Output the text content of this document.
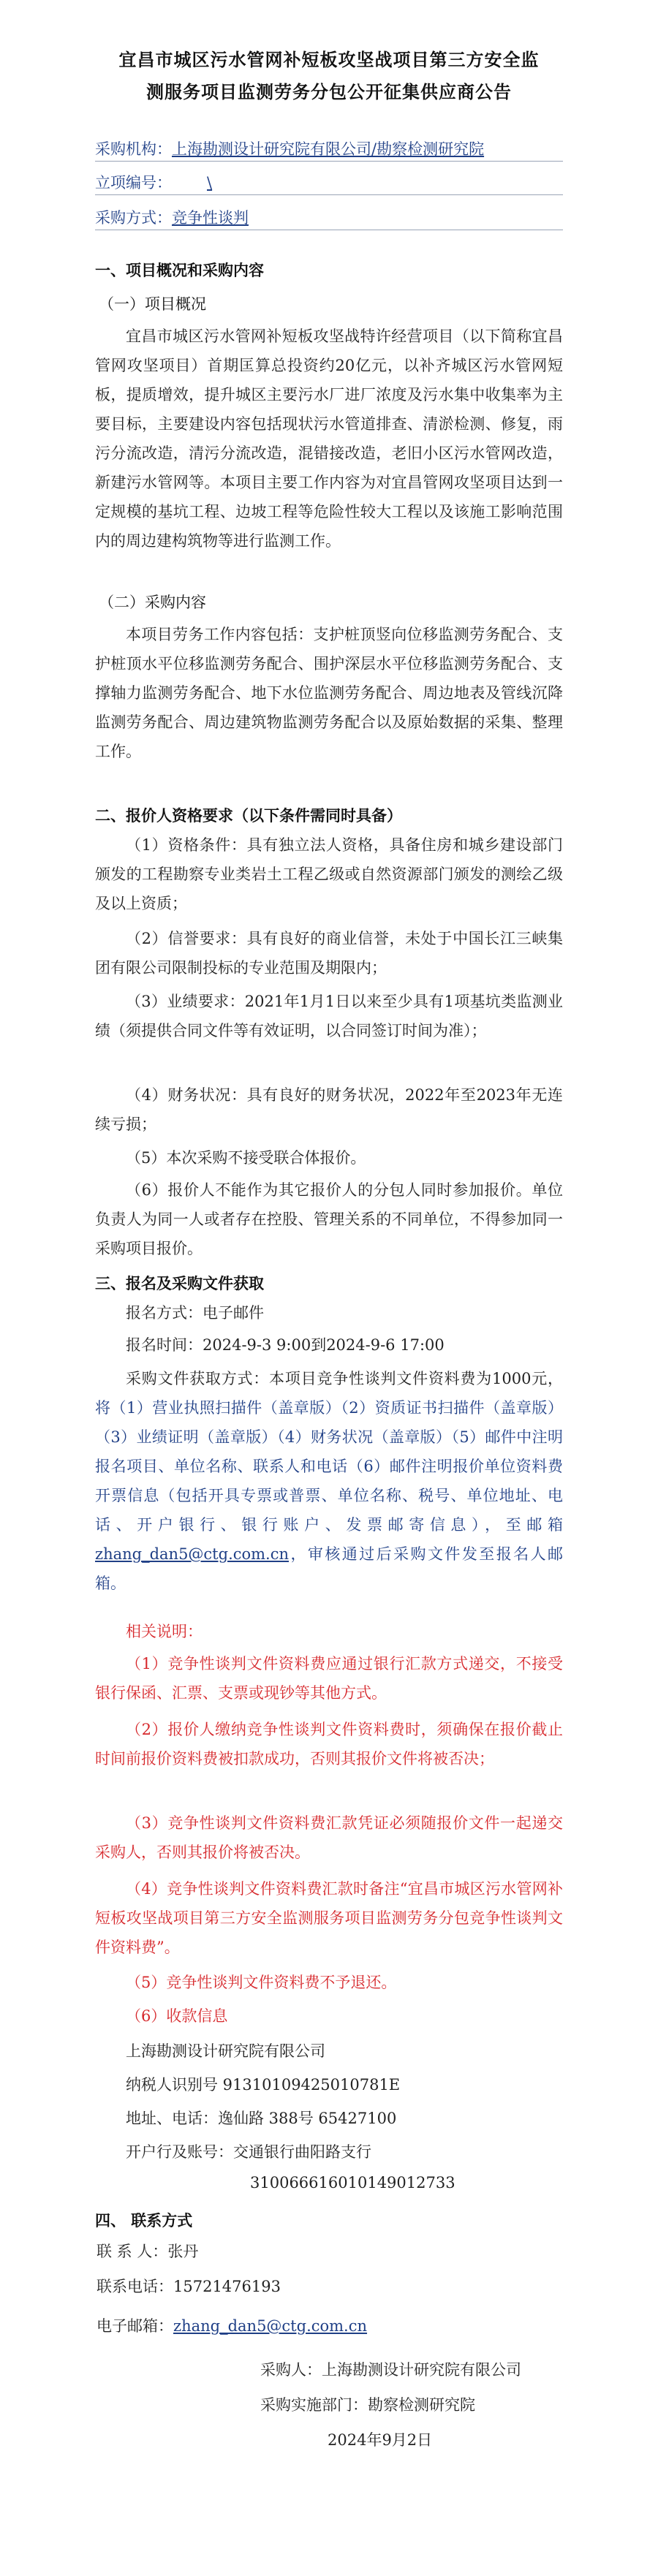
宜昌市城区污水管网补短板攻坚战项目第三方安全监
测服务项目监测劳务分包公开征集供应商公告
采购机构：上海勘测设计研究院有限公司/勘察检测研究院
立项编号： \
采购方式：竞争性谈判
一、项目概况和采购内容
（一）项目概况

宜昌市城区污水管网补短板攻坚战特许经营项目（以下简称宜昌管网攻坚项目）首期匡算总投资约20亿元，以补齐城区污水管网短板，提质增效，提升城区主要污水厂进厂浓度及污水集中收集率为主要目标，主要建设内容包括现状污水管道排查、清淤检测、修复，雨污分流改造，清污分流改造，混错接改造，老旧小区污水管网改造，新建污水管网等。本项目主要工作内容为对宜昌管网攻坚项目达到一定规模的基坑工程、边坡工程等危险性较大工程以及该施工影响范围内的周边建构筑物等进行监测工作。

（二）采购内容

本项目劳务工作内容包括：支护桩顶竖向位移监测劳务配合、支护桩顶水平位移监测劳务配合、围护深层水平位移监测劳务配合、支撑轴力监测劳务配合、地下水位监测劳务配合、周边地表及管线沉降监测劳务配合、周边建筑物监测劳务配合以及原始数据的采集、整理工作。

二、报价人资格要求（以下条件需同时具备）

（1）资格条件：具有独立法人资格，具备住房和城乡建设部门颁发的工程勘察专业类岩土工程乙级或自然资源部门颁发的测绘乙级及以上资质；

（2）信誉要求：具有良好的商业信誉，未处于中国长江三峡集团有限公司限制投标的专业范围及期限内；

（3）业绩要求：2021年1月1日以来至少具有1项基坑类监测业绩（须提供合同文件等有效证明，以合同签订时间为准）；

（4）财务状况：具有良好的财务状况，2022年至2023年无连续亏损；

（5）本次采购不接受联合体报价。

（6）报价人不能作为其它报价人的分包人同时参加报价。单位负责人为同一人或者存在控股、管理关系的不同单位，不得参加同一采购项目报价。

三、报名及采购文件获取

报名方式：电子邮件

报名时间：2024-9-3 9:00到2024-9-6 17:00

采购文件获取方式：本项目竞争性谈判文件资料费为1000元，将（1）营业执照扫描件（盖章版）（2）资质证书扫描件（盖章版）（3）业绩证明（盖章版）（4）财务状况（盖章版）（5）邮件中注明报名项目、单位名称、联系人和电话（6）邮件注明报价单位资料费开票信息（包括开具专票或普票、单位名称、税号、单位地址、电话、开户银行、银行账户、发票邮寄信息），至邮箱zhang_dan5@ctg.com.cn，审核通过后采购文件发至报名人邮箱。

相关说明：

（1）竞争性谈判文件资料费应通过银行汇款方式递交，不接受银行保函、汇票、支票或现钞等其他方式。

（2）报价人缴纳竞争性谈判文件资料费时，须确保在报价截止时间前报价资料费被扣款成功，否则其报价文件将被否决；

（3）竞争性谈判文件资料费汇款凭证必须随报价文件一起递交采购人，否则其报价将被否决。

（4）竞争性谈判文件资料费汇款时备注“宜昌市城区污水管网补短板攻坚战项目第三方安全监测服务项目监测劳务分包竞争性谈判文件资料费”。

（5）竞争性谈判文件资料费不予退还。

（6）收款信息

上海勘测设计研究院有限公司
纳税人识别号 91310109425010781E
地址、电话：逸仙路 388号 65427100
开户行及账号：交通银行曲阳路支行
310066616010149012733
四、 联系方式
联 系 人：张丹
联系电话：15721476193
电子邮箱：zhang_dan5@ctg.com.cn
采购人：上海勘测设计研究院有限公司
采购实施部门：勘察检测研究院
2024年9月2日
